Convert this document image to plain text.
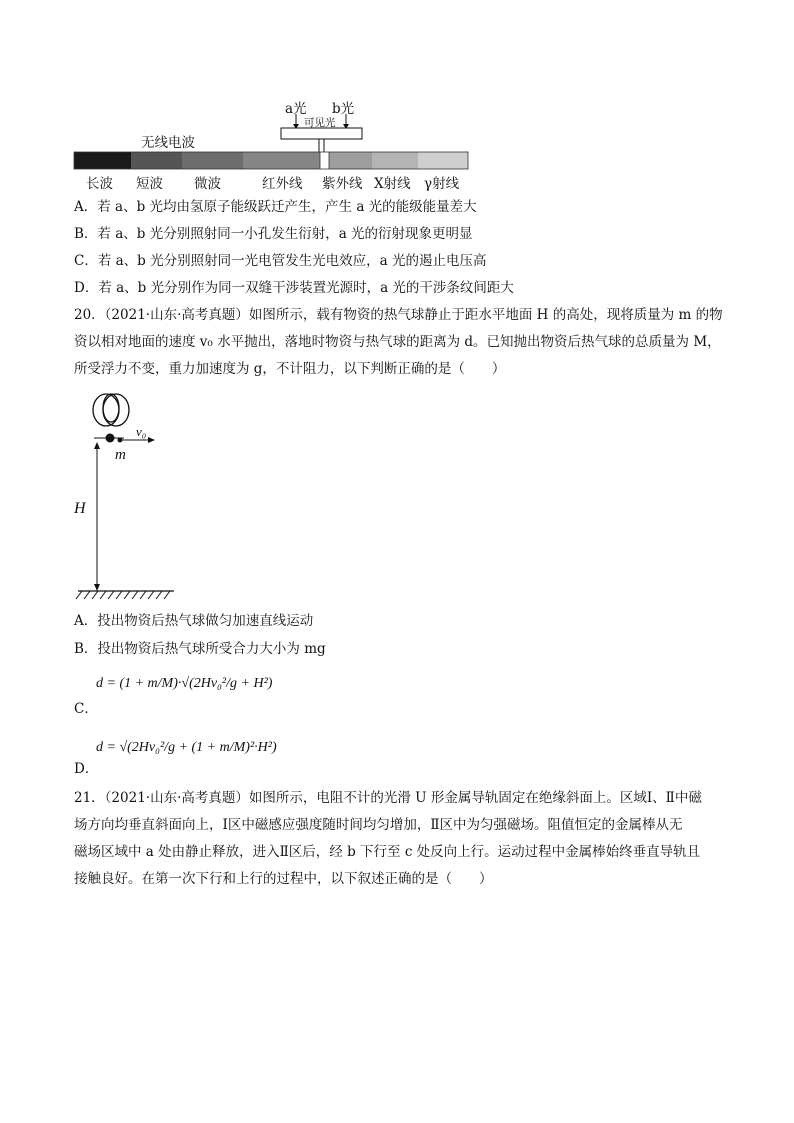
a光 b光
可见光
无线电波
长波 短波 微波	红外线 紫外线 X射线 γ射线
A．若 a、b 光均由氢原子能级跃迁产生，产生 a 光的能级能量差大
B．若 a、b 光分别照射同一小孔发生衍射，a 光的衍射现象更明显
C．若 a、b 光分别照射同一光电管发生光电效应，a 光的遏止电压高
D．若 a、b 光分别作为同一双缝干涉装置光源时，a 光的干涉条纹间距大
20．（2021·山东·高考真题）如图所示，载有物资的热气球静止于距水平地面 H 的高处，现将质量为 m 的物
资以相对地面的速度 v₀ 水平抛出，落地时物资与热气球的距离为 d。已知抛出物资后热气球的总质量为 M，
所受浮力不变，重力加速度为 g，不计阻力，以下判断正确的是（　　）
v₀
m
H
A．投出物资后热气球做匀加速直线运动
B．投出物资后热气球所受合力大小为 mg
C．
d = (1 + m/M)·√(2Hv₀²/g + H²)
D．
d = √(2Hv₀²/g + (1 + m/M)²·H²)
21．（2021·山东·高考真题）如图所示，电阻不计的光滑 U 形金属导轨固定在绝缘斜面上。区域Ⅰ、Ⅱ中磁
场方向均垂直斜面向上，Ⅰ区中磁感应强度随时间均匀增加，Ⅱ区中为匀强磁场。阻值恒定的金属棒从无
磁场区域中 a 处由静止释放，进入Ⅱ区后，经 b 下行至 c 处反向上行。运动过程中金属棒始终垂直导轨且
接触良好。在第一次下行和上行的过程中，以下叙述正确的是（　　）
